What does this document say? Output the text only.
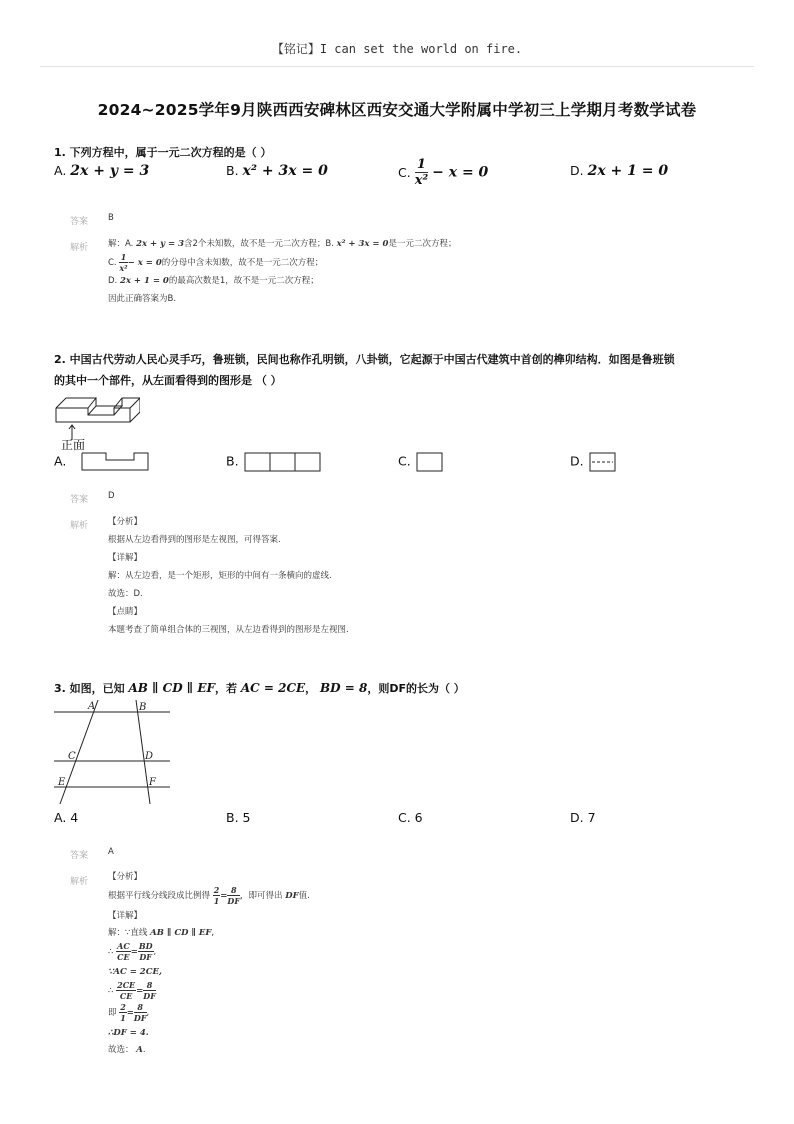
【铭记】I can set the world on fire.
2024~2025学年9月陕西西安碑林区西安交通大学附属中学初三上学期月考数学试卷
1. 下列方程中，属于一元二次方程的是（ ）
A. 2x + y = 3	B. x² + 3x = 0	C. $\frac{1}{\text{x²}} - x = 0$	D. 2x + 1 = 0
答案 B
解析 解：A. 2x + y = 3含2个未知数，故不是一元二次方程；B. x² + 3x = 0是一元二次方程；
C. $\frac{1}{\text{x²}} - x = 0$的分母中含未知数，故不是一元二次方程；
D. 2x + 1 = 0的最高次数是1，故不是一元二次方程；
因此正确答案为B.
2. 中国古代劳动人民心灵手巧，鲁班锁，民间也称作孔明锁，八卦锁，它起源于中国古代建筑中首创的榫卯结构．如图是鲁班锁
的其中一个部件，从左面看得到的图形是 （ ）
正面
A.	B.	C.	D.
答案 D
解析 【分析】
根据从左边看得到的图形是左视图，可得答案.
【详解】
解：从左边看，是一个矩形，矩形的中间有一条横向的虚线.
故选：D.
【点睛】
本题考查了简单组合体的三视图，从左边看得到的图形是左视图.
3. 如图，已知 AB ∥ CD ∥ EF，若 AC = 2CE， BD = 8，则DF的长为（ ）
A	B
C	D
E	F
A. 4	B. 5	C. 6	D. 7
答案 A
解析 【分析】
根据平行线分线段成比例得 $\frac{2}{1} = \frac{8}{DF}$ ，即可得出 DF值.
【详解】
解：∵直线 AB ∥ CD ∥ EF,
∴ $\frac{AC}{CE} = \frac{BD}{DF}$ ,
∵AC = 2CE,
∴ $\frac{2CE}{CE} = \frac{8}{DF}$
即 $\frac{2}{1} = \frac{8}{DF}$ ,
∴DF = 4.
故选： A.
